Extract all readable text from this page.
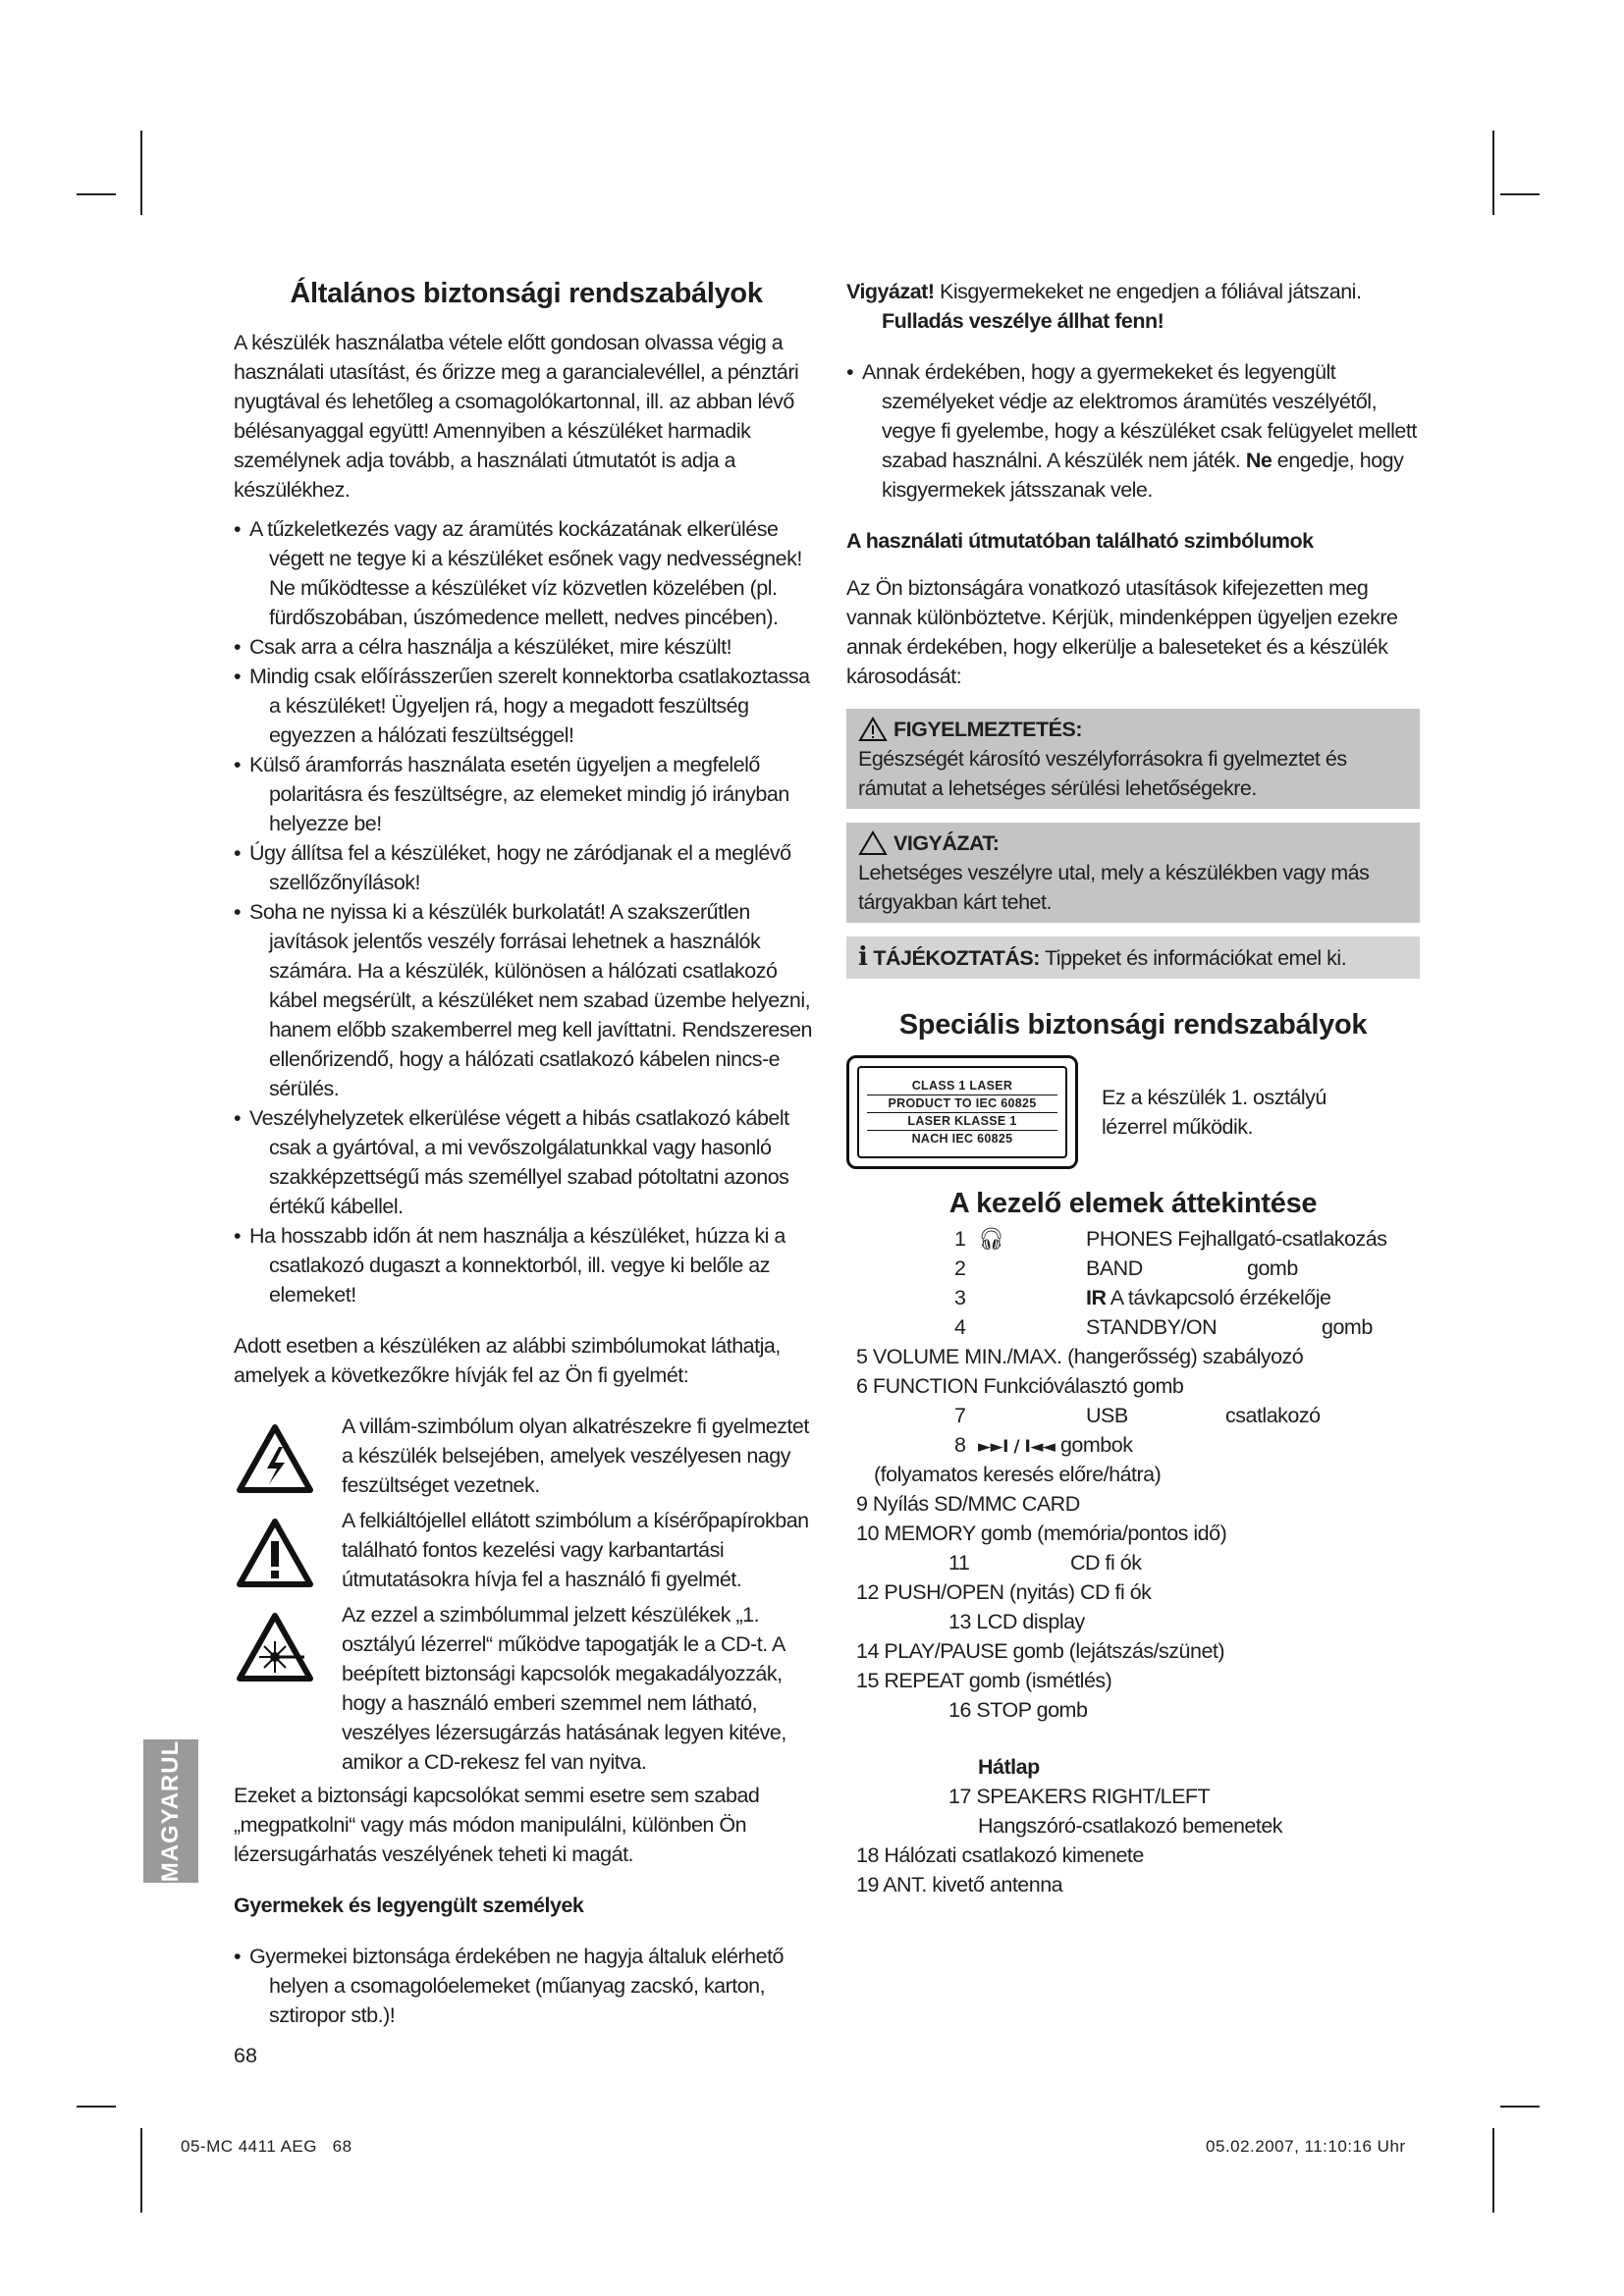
Általános biztonsági rendszabályok

A készülék használatba vétele előtt gondosan olvassa végig a használati utasítást, és őrizze meg a garancialevéllel, a pénztári nyugtával és lehetőleg a csomagolókartonnal, ill. az abban lévő bélésanyaggal együtt! Amennyiben a készüléket harmadik személynek adja tovább, a használati útmutatót is adja a készülékhez.

• A tűzkeletkezés vagy az áramütés kockázatának elkerülése végett ne tegye ki a készüléket esőnek vagy nedvességnek! Ne működtesse a készüléket víz közvetlen közelében (pl. fürdőszobában, úszómedence mellett, nedves pincében).
• Csak arra a célra használja a készüléket, mire készült!
• Mindig csak előírásszerűen szerelt konnektorba csatlakoztassa a készüléket! Ügyeljen rá, hogy a megadott feszültség egyezzen a hálózati feszültséggel!
• Külső áramforrás használata esetén ügyeljen a megfelelő polaritásra és feszültségre, az elemeket mindig jó irányban helyezze be!
• Úgy állítsa fel a készüléket, hogy ne záródjanak el a meglévő szellőzőnyílások!
• Soha ne nyissa ki a készülék burkolatát! A szakszerűtlen javítások jelentős veszély forrásai lehetnek a használók számára. Ha a készülék, különösen a hálózati csatlakozó kábel megsérült, a készüléket nem szabad üzembe helyezni, hanem előbb szakemberrel meg kell javíttatni. Rendszeresen ellenőrizendő, hogy a hálózati csatlakozó kábelen nincs-e sérülés.
• Veszélyhelyzetek elkerülése végett a hibás csatlakozó kábelt csak a gyártóval, a mi vevőszolgálatunkkal vagy hasonló szakképzettségű más személlyel szabad pótoltatni azonos értékű kábellel.
• Ha hosszabb időn át nem használja a készüléket, húzza ki a csatlakozó dugaszt a konnektorból, ill. vegye ki belőle az elemeket!

Adott esetben a készüléken az alábbi szimbólumokat láthatja, amelyek a következőkre hívják fel az Ön fi gyelmét:

A villám-szimbólum olyan alkatrészekre fi gyelmeztet a készülék belsejében, amelyek veszélyesen nagy feszültséget vezetnek.
A felkiáltójellel ellátott szimbólum a kísérőpapírokban található fontos kezelési vagy karbantartási útmutatásokra hívja fel a használó fi gyelmét.
Az ezzel a szimbólummal jelzett készülékek „1. osztályú lézerrel“ működve tapogatják le a CD-t. A beépített biztonsági kapcsolók megakadályozzák, hogy a használó emberi szemmel nem látható, veszélyes lézersugárzás hatásának legyen kitéve, amikor a CD-rekesz fel van nyitva.

Ezeket a biztonsági kapcsolókat semmi esetre sem szabad „megpatkolni“ vagy más módon manipulálni, különben Ön lézersugárhatás veszélyének teheti ki magát.

Gyermekek és legyengült személyek
• Gyermekei biztonsága érdekében ne hagyja általuk elérhető helyen a csomagolóelemeket (műanyag zacskó, karton, sztiropor stb.)!
MAGYARUL
68

Vigyázat! Kisgyermekeket ne engedjen a fóliával játszani.

Fulladás veszélye állhat fenn!

• Annak érdekében, hogy a gyermekeket és legyengült személyeket védje az elektromos áramütés veszélyétől, vegye fi gyelembe, hogy a készüléket csak felügyelet mellett szabad használni. A készülék nem játék. Ne engedje, hogy kisgyermekek játsszanak vele.
A használati útmutatóban található szimbólumok

Az Ön biztonságára vonatkozó utasítások kifejezetten meg vannak különböztetve. Kérjük, mindenképpen ügyeljen ezekre annak érdekében, hogy elkerülje a baleseteket és a készülék károsodását:

FIGYELMEZTETÉS:
Egészségét károsító veszélyforrásokra fi gyelmeztet és rámutat a lehetséges sérülési lehetőségekre.
VIGYÁZAT:
Lehetséges veszélyre utal, mely a készülékben vagy más tárgyakban kárt tehet.
i TÁJÉKOZTATÁS: Tippeket és információkat emel ki.
Speciális biztonsági rendszabályok
CLASS 1 LASER
PRODUCT TO IEC 60825
LASER KLASSE 1
NACH IEC 60825
Ez a készülék 1. osztályú lézerrel működik.
A kezelő elemek áttekintése
1 🎧︎	PHONES Fejhallgató-csatlakozás
2	BAND	gomb
3	IR A távkapcsoló érzékelője
4	STANDBY/ON	gomb
5 VOLUME MIN./MAX. (hangerősség) szabályozó
6 FUNCTION Funkcióválasztó gomb
7	USB	csatlakozó
8 ►►I / I◄◄ gombok
(folyamatos keresés előre/hátra)
9 Nyílás SD/MMC CARD
10 MEMORY gomb (memória/pontos idő)
11	CD fi ók
12 PUSH/OPEN (nyitás) CD fi ók
13 LCD display
14 PLAY/PAUSE gomb (lejátszás/szünet)
15 REPEAT gomb (ismétlés)
16 STOP gomb
Hátlap
17 SPEAKERS RIGHT/LEFT
Hangszóró-csatlakozó bemenetek
18 Hálózati csatlakozó kimenete
19 ANT. kivető antenna
05-MC 4411 AEG   68	05.02.2007, 11:10:16 Uhr
